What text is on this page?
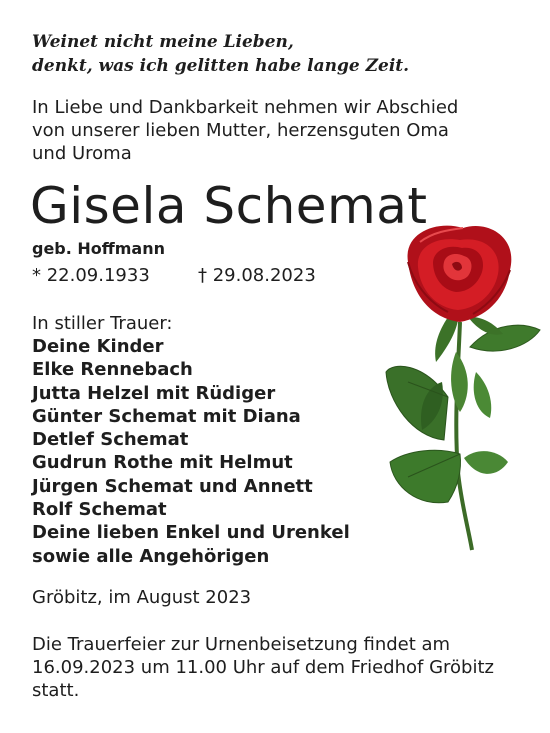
Weinet nicht meine Lieben,
denkt, was ich gelitten habe lange Zeit.
In Liebe und Dankbarkeit nehmen wir Abschied
von unserer lieben Mutter, herzensguten Oma
und Uroma
Gisela Schemat
geb. Hoffmann
* 22.09.1933	† 29.08.2023
In stiller Trauer:
Deine Kinder
Elke Rennebach
Jutta Helzel mit Rüdiger
Günter Schemat mit Diana
Detlef Schemat
Gudrun Rothe mit Helmut
Jürgen Schemat und Annett
Rolf Schemat
Deine lieben Enkel und Urenkel
sowie alle Angehörigen
Gröbitz, im August 2023
Die Trauerfeier zur Urnenbeisetzung findet am
16.09.2023 um 11.00 Uhr auf dem Friedhof Gröbitz
statt.
